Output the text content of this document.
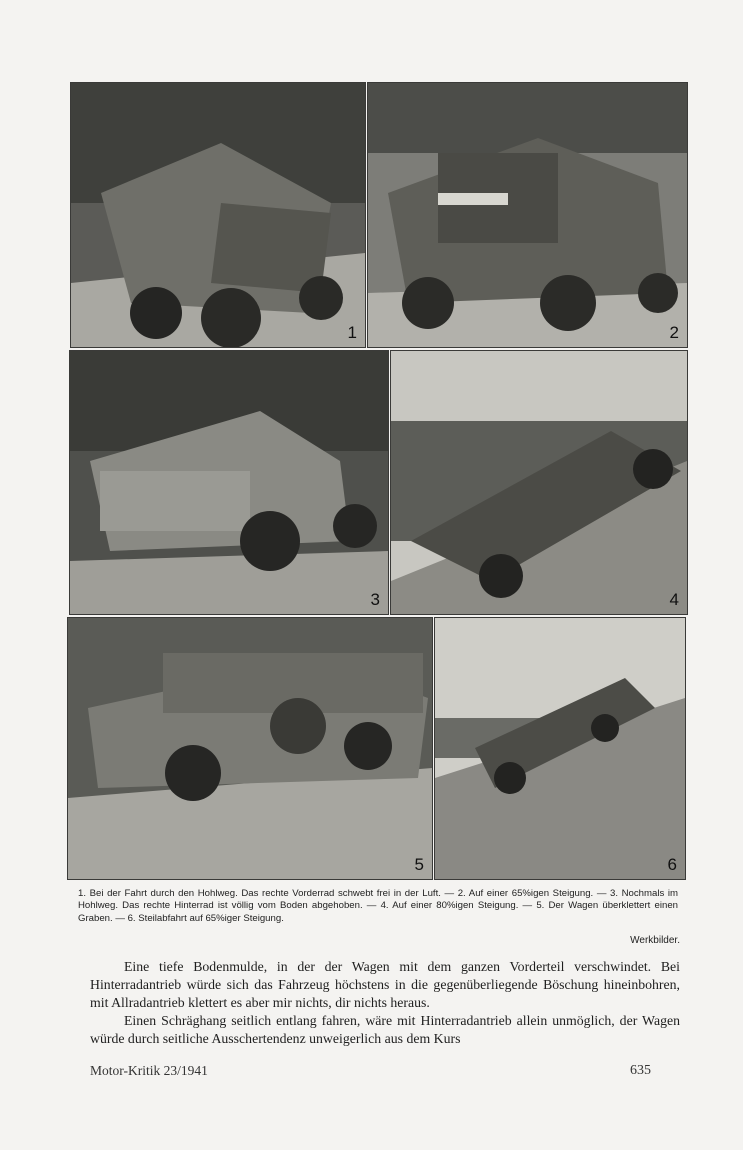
1	2
3	4
5	6
1. Bei der Fahrt durch den Hohlweg. Das rechte Vorderrad schwebt frei in der Luft. — 2. Auf einer 65%igen Steigung. — 3. Nochmals im Hohlweg. Das rechte Hinterrad ist völlig vom Boden abgehoben. — 4. Auf einer 80%igen Steigung. — 5. Der Wagen überklettert einen Graben. — 6. Steilabfahrt auf 65%iger Steigung.
Werkbilder.

Eine tiefe Bodenmulde, in der der Wagen mit dem ganzen Vorderteil verschwindet. Bei Hinterradantrieb würde sich das Fahrzeug höchstens in die gegenüberliegende Böschung hineinbohren, mit Allradantrieb klettert es aber mir nichts, dir nichts heraus.

Einen Schräghang seitlich entlang fahren, wäre mit Hinterradantrieb allein unmöglich, der Wagen würde durch seitliche Ausschertendenz unweigerlich aus dem Kurs

Motor-Kritik 23/1941	635
